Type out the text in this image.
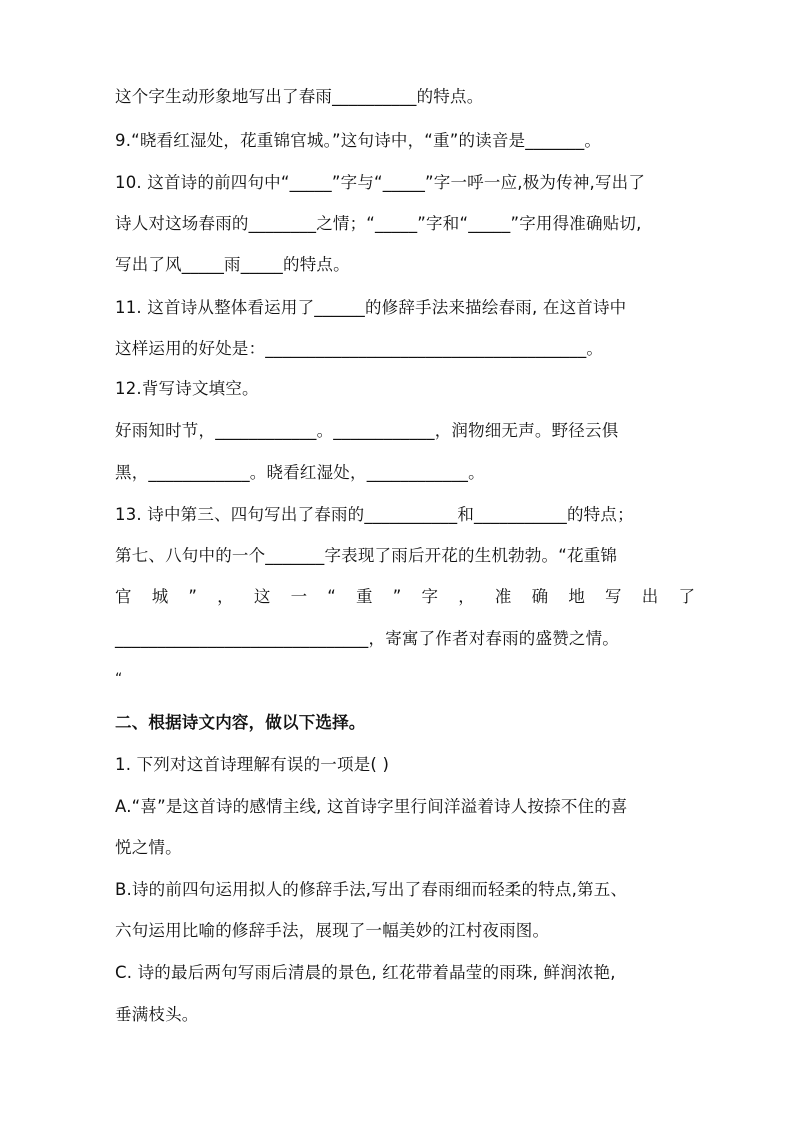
这个字生动形象地写出了春雨__________的特点。
9.“晓看红湿处，花重锦官城。”这句诗中，“重”的读音是_______。
10. 这首诗的前四句中“_____”字与“_____”字一呼一应,极为传神,写出了
诗人对这场春雨的________之情；“_____”字和“_____”字用得准确贴切,
写出了风_____雨_____的特点。
11. 这首诗从整体看运用了______的修辞手法来描绘春雨, 在这首诗中
这样运用的好处是：______________________________________。
12.背写诗文填空。
好雨知时节，____________。____________，润物细无声。野径云俱
黑，____________。晓看红湿处，____________。
13. 诗中第三、四句写出了春雨的___________和___________的特点；
第七、八句中的一个_______字表现了雨后开花的生机勃勃。“花重锦
官 城 ” ， 这 一 “ 重 ” 字 ， 准 确 地 写 出 了
______________________________，寄寓了作者对春雨的盛赞之情。
“
二、根据诗文内容，做以下选择。
1. 下列对这首诗理解有误的一项是( )
A.“喜”是这首诗的感情主线, 这首诗字里行间洋溢着诗人按捺不住的喜
悦之情。
B.诗的前四句运用拟人的修辞手法,写出了春雨细而轻柔的特点,第五、
六句运用比喻的修辞手法，展现了一幅美妙的江村夜雨图。
C. 诗的最后两句写雨后清晨的景色, 红花带着晶莹的雨珠, 鲜润浓艳,
垂满枝头。
